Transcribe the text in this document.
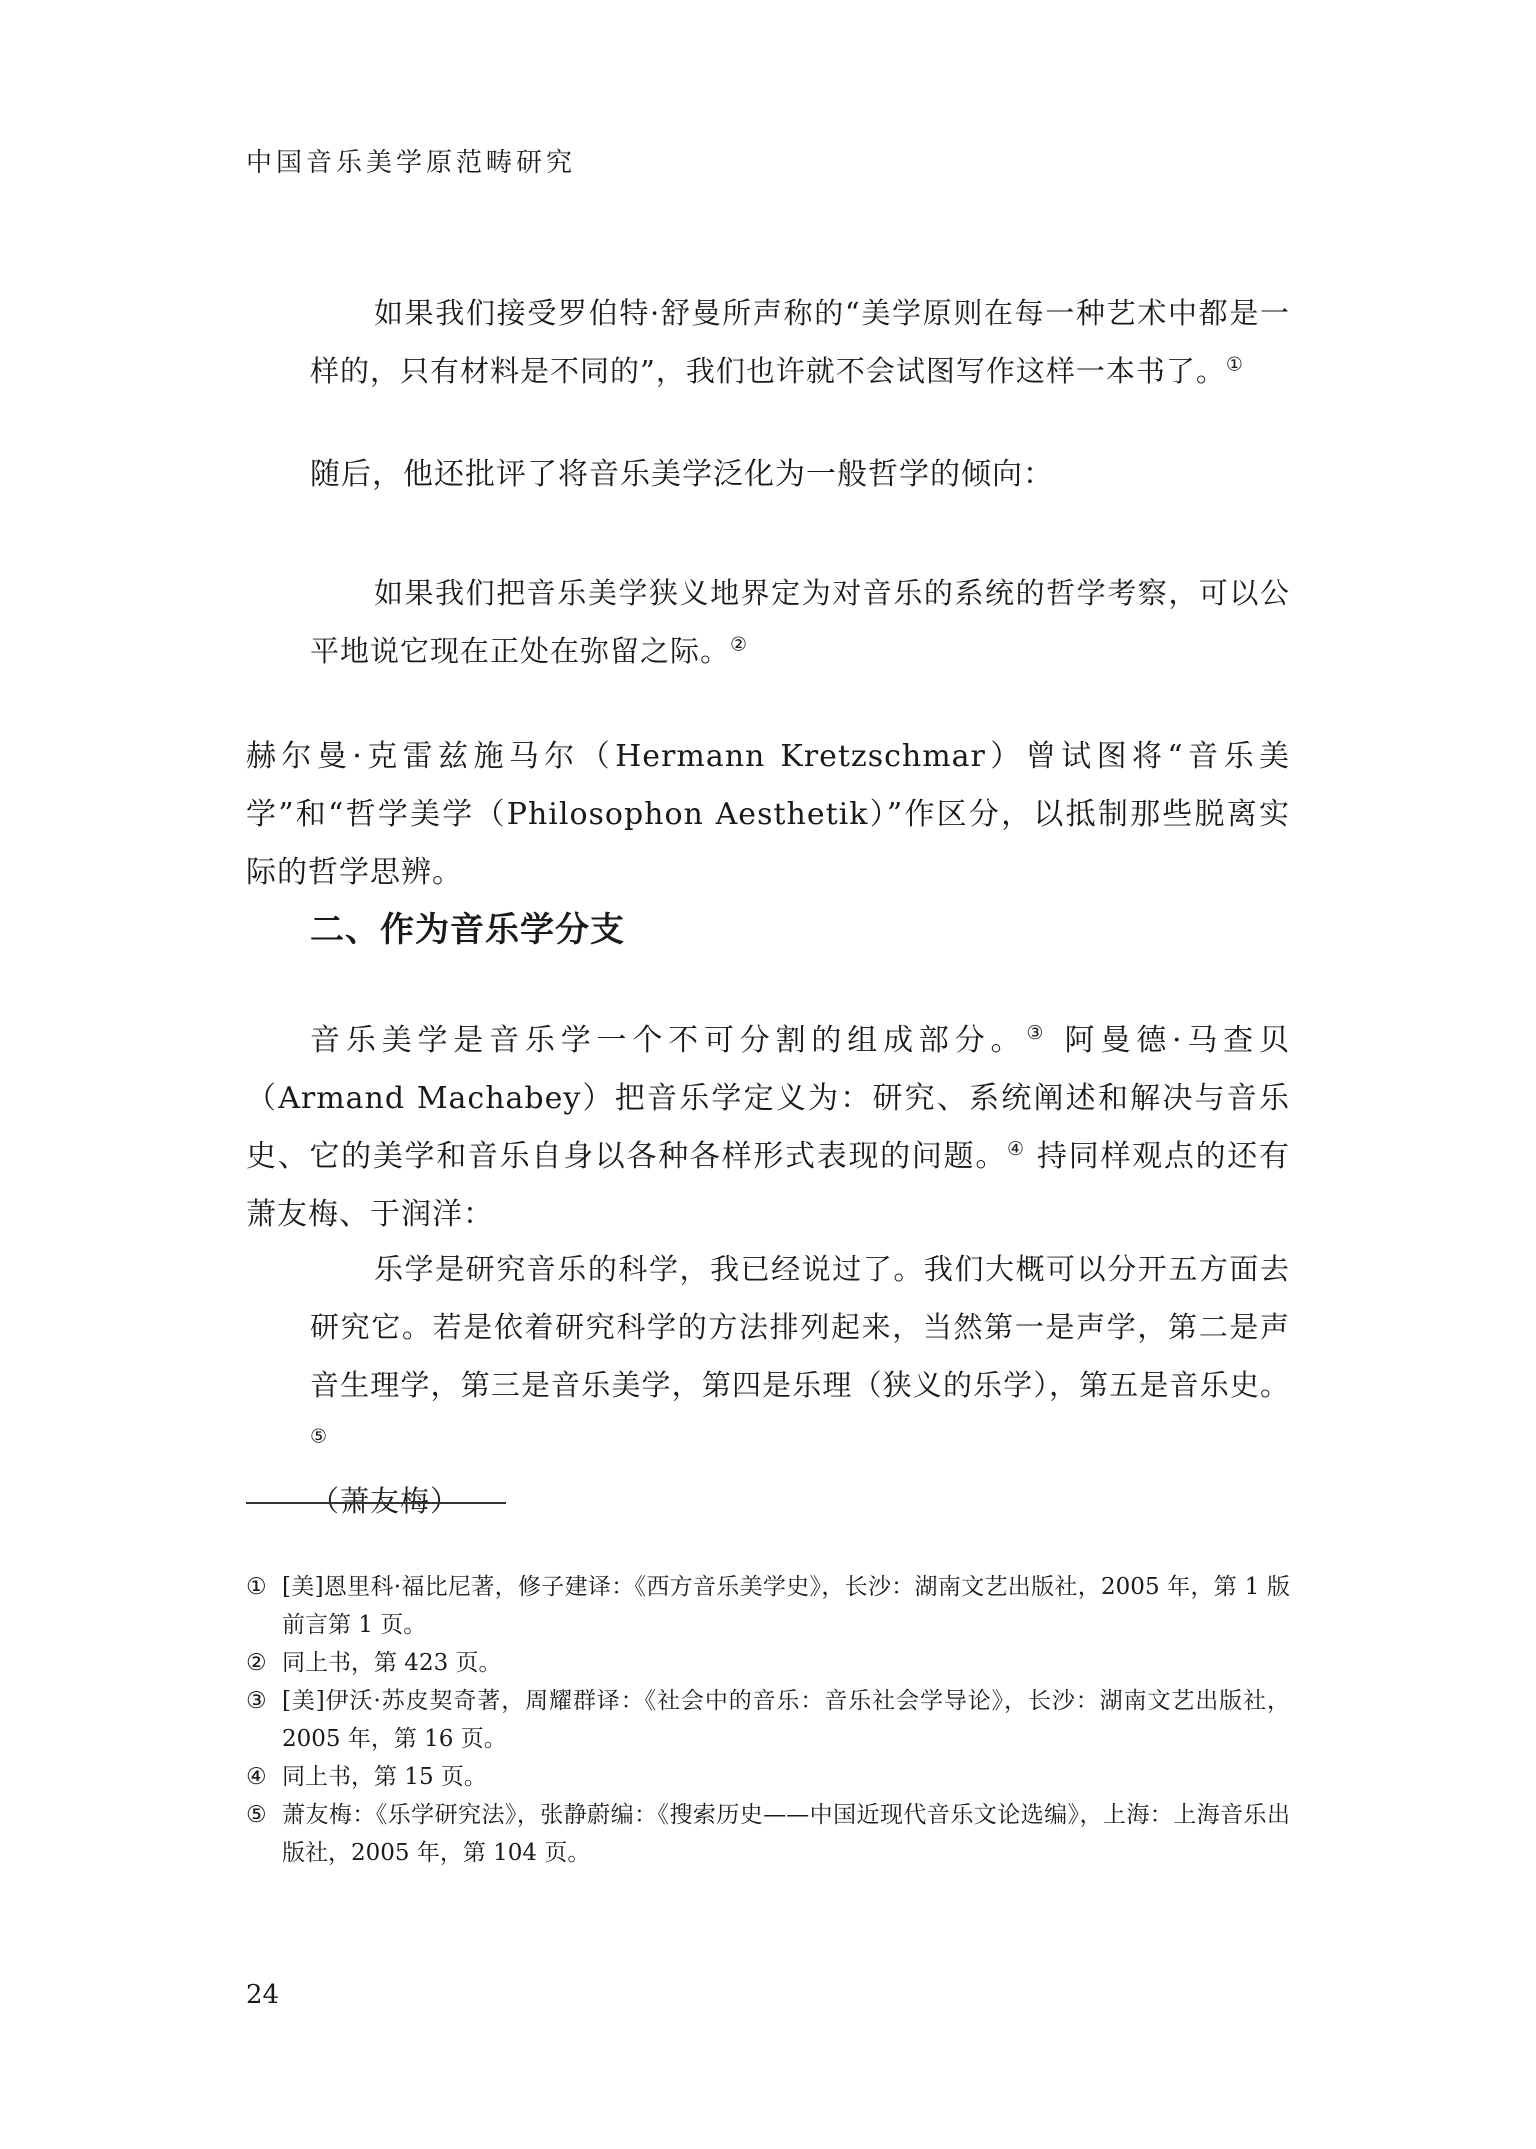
中国音乐美学原范畴研究

如果我们接受罗伯特·舒曼所声称的“美学原则在每一种艺术中都是一样的，只有材料是不同的”，我们也许就不会试图写作这样一本书了。①

随后，他还批评了将音乐美学泛化为一般哲学的倾向：

如果我们把音乐美学狭义地界定为对音乐的系统的哲学考察，可以公平地说它现在正处在弥留之际。②

赫尔曼·克雷兹施马尔（Hermann Kretzschmar）曾试图将“音乐美学”和“哲学美学（Philosophon Aesthetik）”作区分，以抵制那些脱离实际的哲学思辨。

二、作为音乐学分支

音乐美学是音乐学一个不可分割的组成部分。③ 阿曼德·马查贝（Armand Machabey）把音乐学定义为：研究、系统阐述和解决与音乐史、它的美学和音乐自身以各种各样形式表现的问题。④ 持同样观点的还有萧友梅、于润洋：

乐学是研究音乐的科学，我已经说过了。我们大概可以分开五方面去研究它。若是依着研究科学的方法排列起来，当然第一是声学，第二是声音生理学，第三是音乐美学，第四是乐理（狭义的乐学），第五是音乐史。⑤
（萧友梅）

① [美]恩里科·福比尼著，修子建译：《西方音乐美学史》，长沙：湖南文艺出版社，2005 年，第 1 版前言第 1 页。
② 同上书，第 423 页。
③ [美]伊沃·苏皮契奇著，周耀群译：《社会中的音乐：音乐社会学导论》，长沙：湖南文艺出版社，2005 年，第 16 页。
④ 同上书，第 15 页。
⑤ 萧友梅：《乐学研究法》，张静蔚编：《搜索历史——中国近现代音乐文论选编》，上海：上海音乐出版社，2005 年，第 104 页。
24
